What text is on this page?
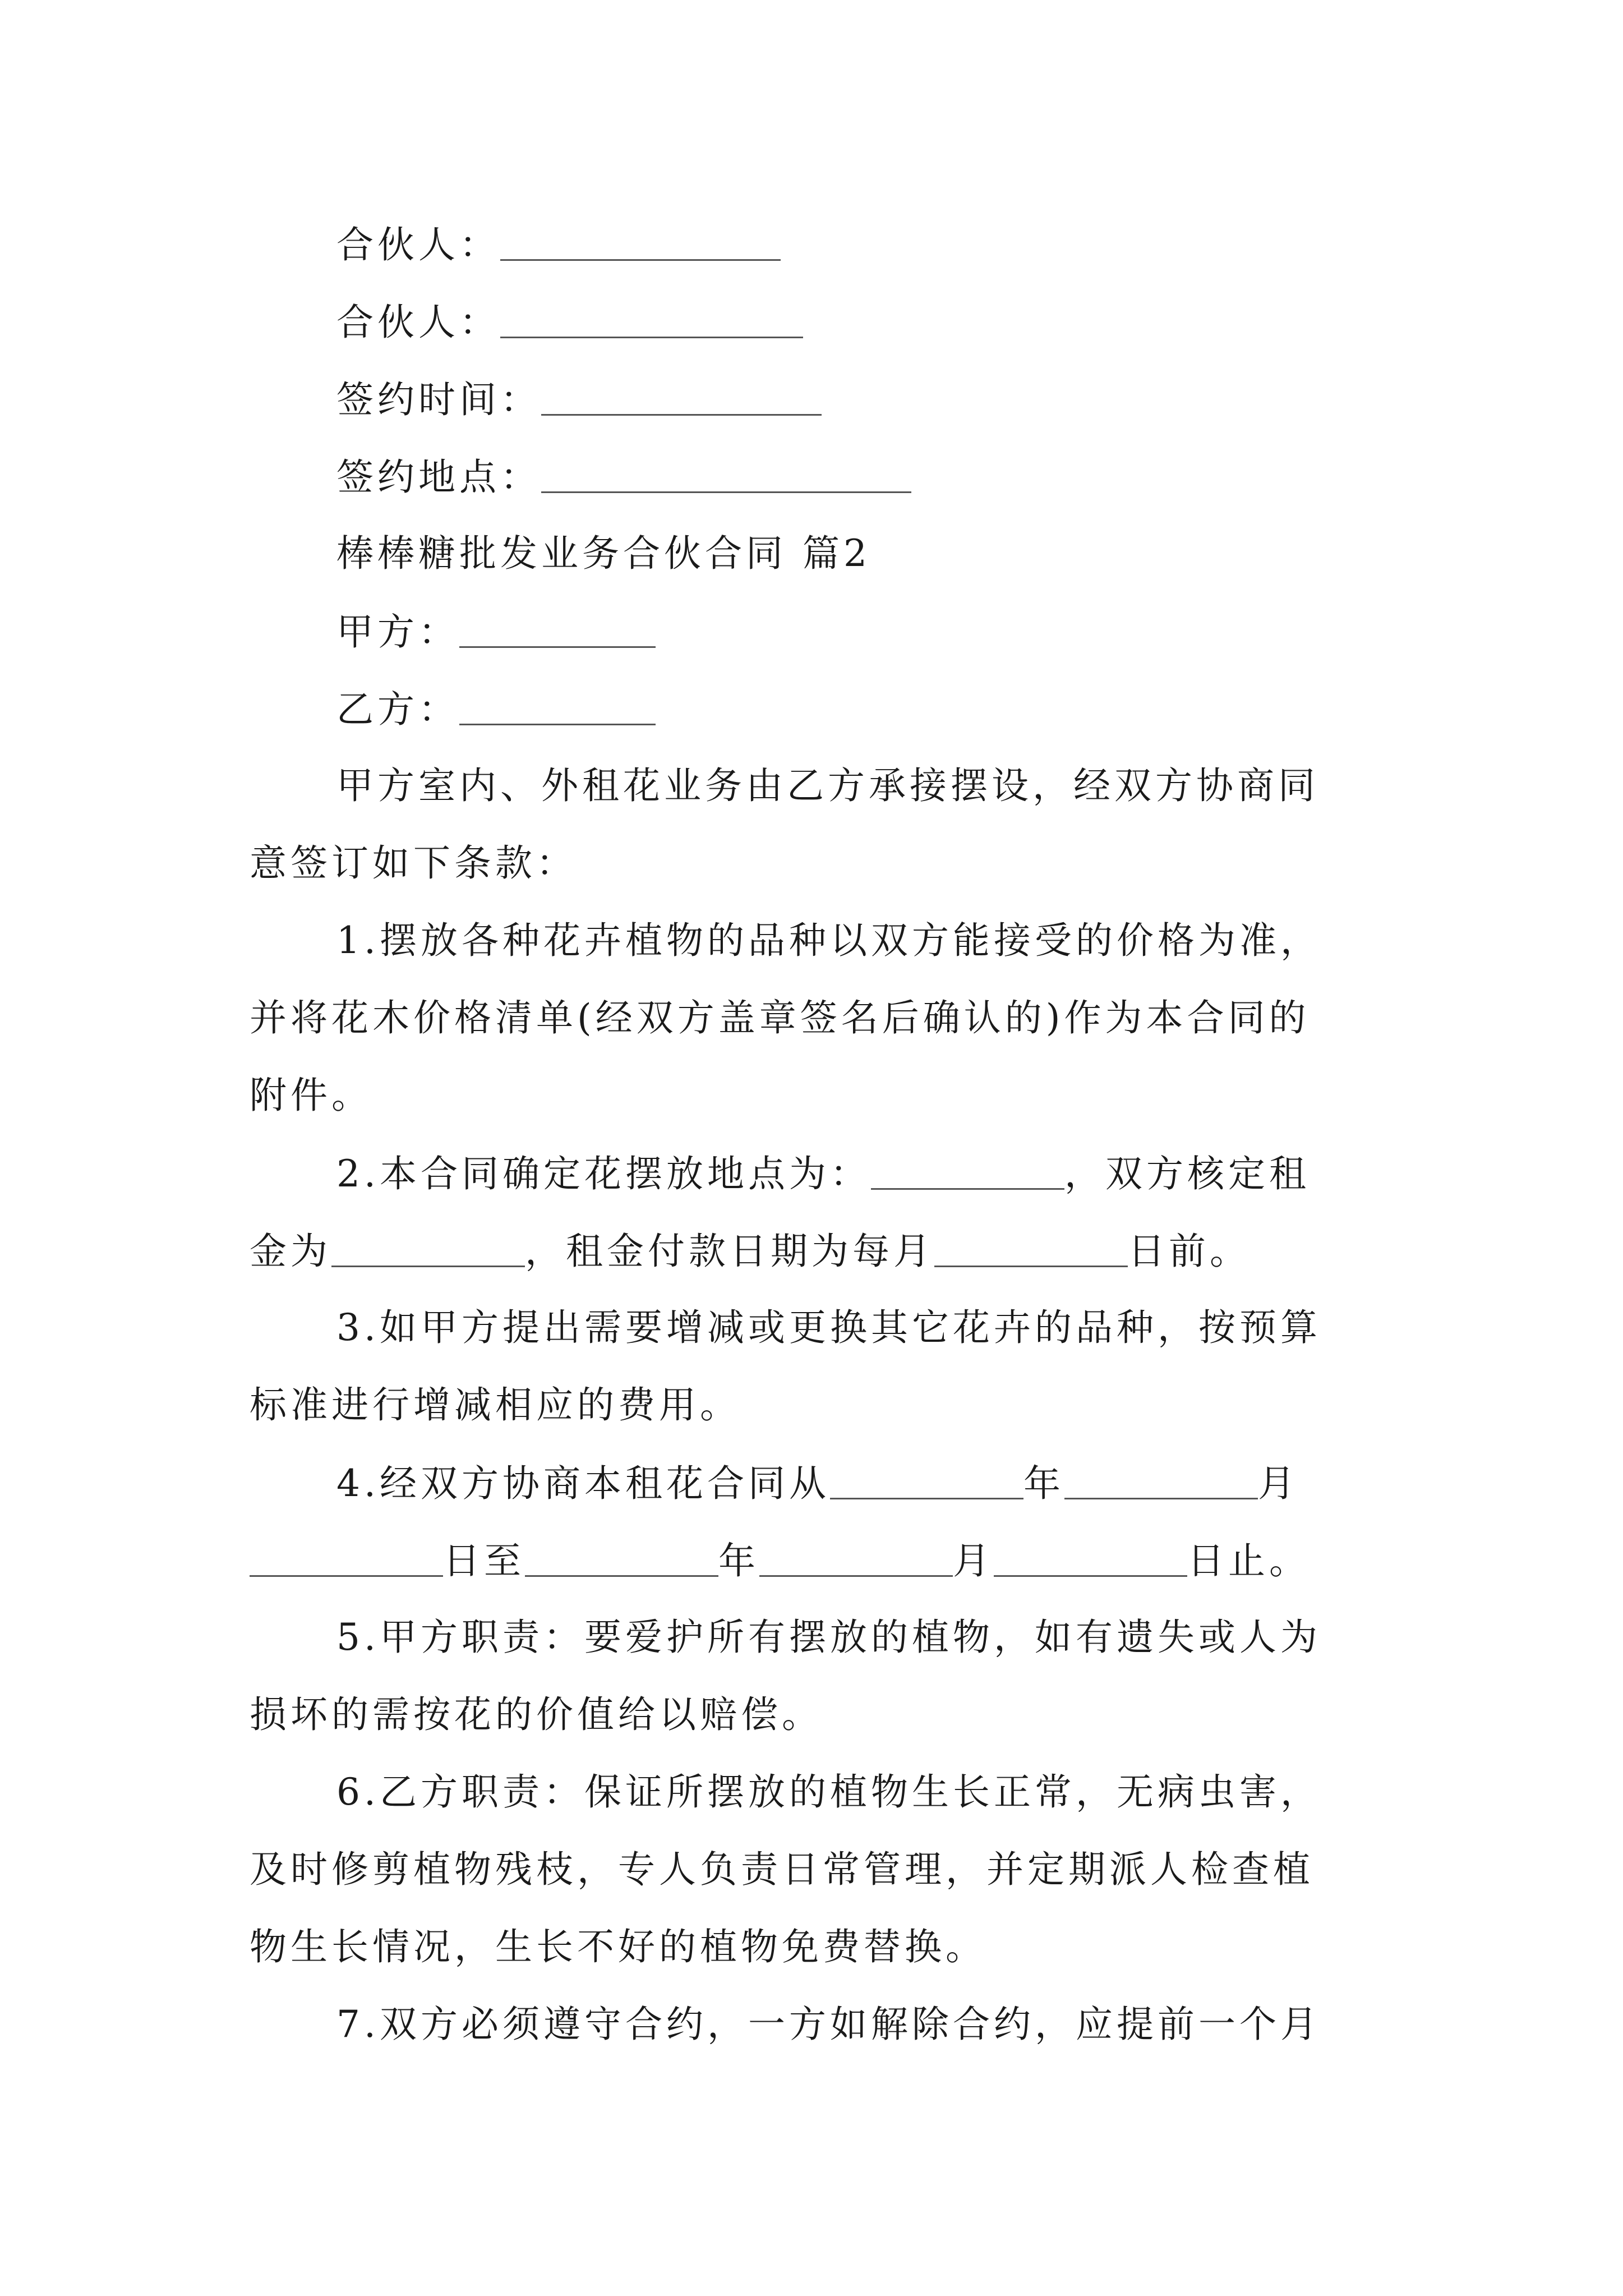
合伙人：
合伙人：
签约时间：
签约地点：
棒棒糖批发业务合伙合同 篇2
甲方：
乙方：
甲方室内、外租花业务由乙方承接摆设，经双方协商同
意签订如下条款：
1.摆放各种花卉植物的品种以双方能接受的价格为准，
并将花木价格清单(经双方盖章签名后确认的)作为本合同的
附件。
2.本合同确定花摆放地点为：	，双方核定租
金为	，租金付款日期为每月	日前。
3.如甲方提出需要增减或更换其它花卉的品种，按预算
标准进行增减相应的费用。
4.经双方协商本租花合同从	年	月
日至	年	月	日止。
5.甲方职责：要爱护所有摆放的植物，如有遗失或人为
损坏的需按花的价值给以赔偿。
6.乙方职责：保证所摆放的植物生长正常，无病虫害，
及时修剪植物残枝，专人负责日常管理，并定期派人检查植
物生长情况，生长不好的植物免费替换。
7.双方必须遵守合约，一方如解除合约，应提前一个月
